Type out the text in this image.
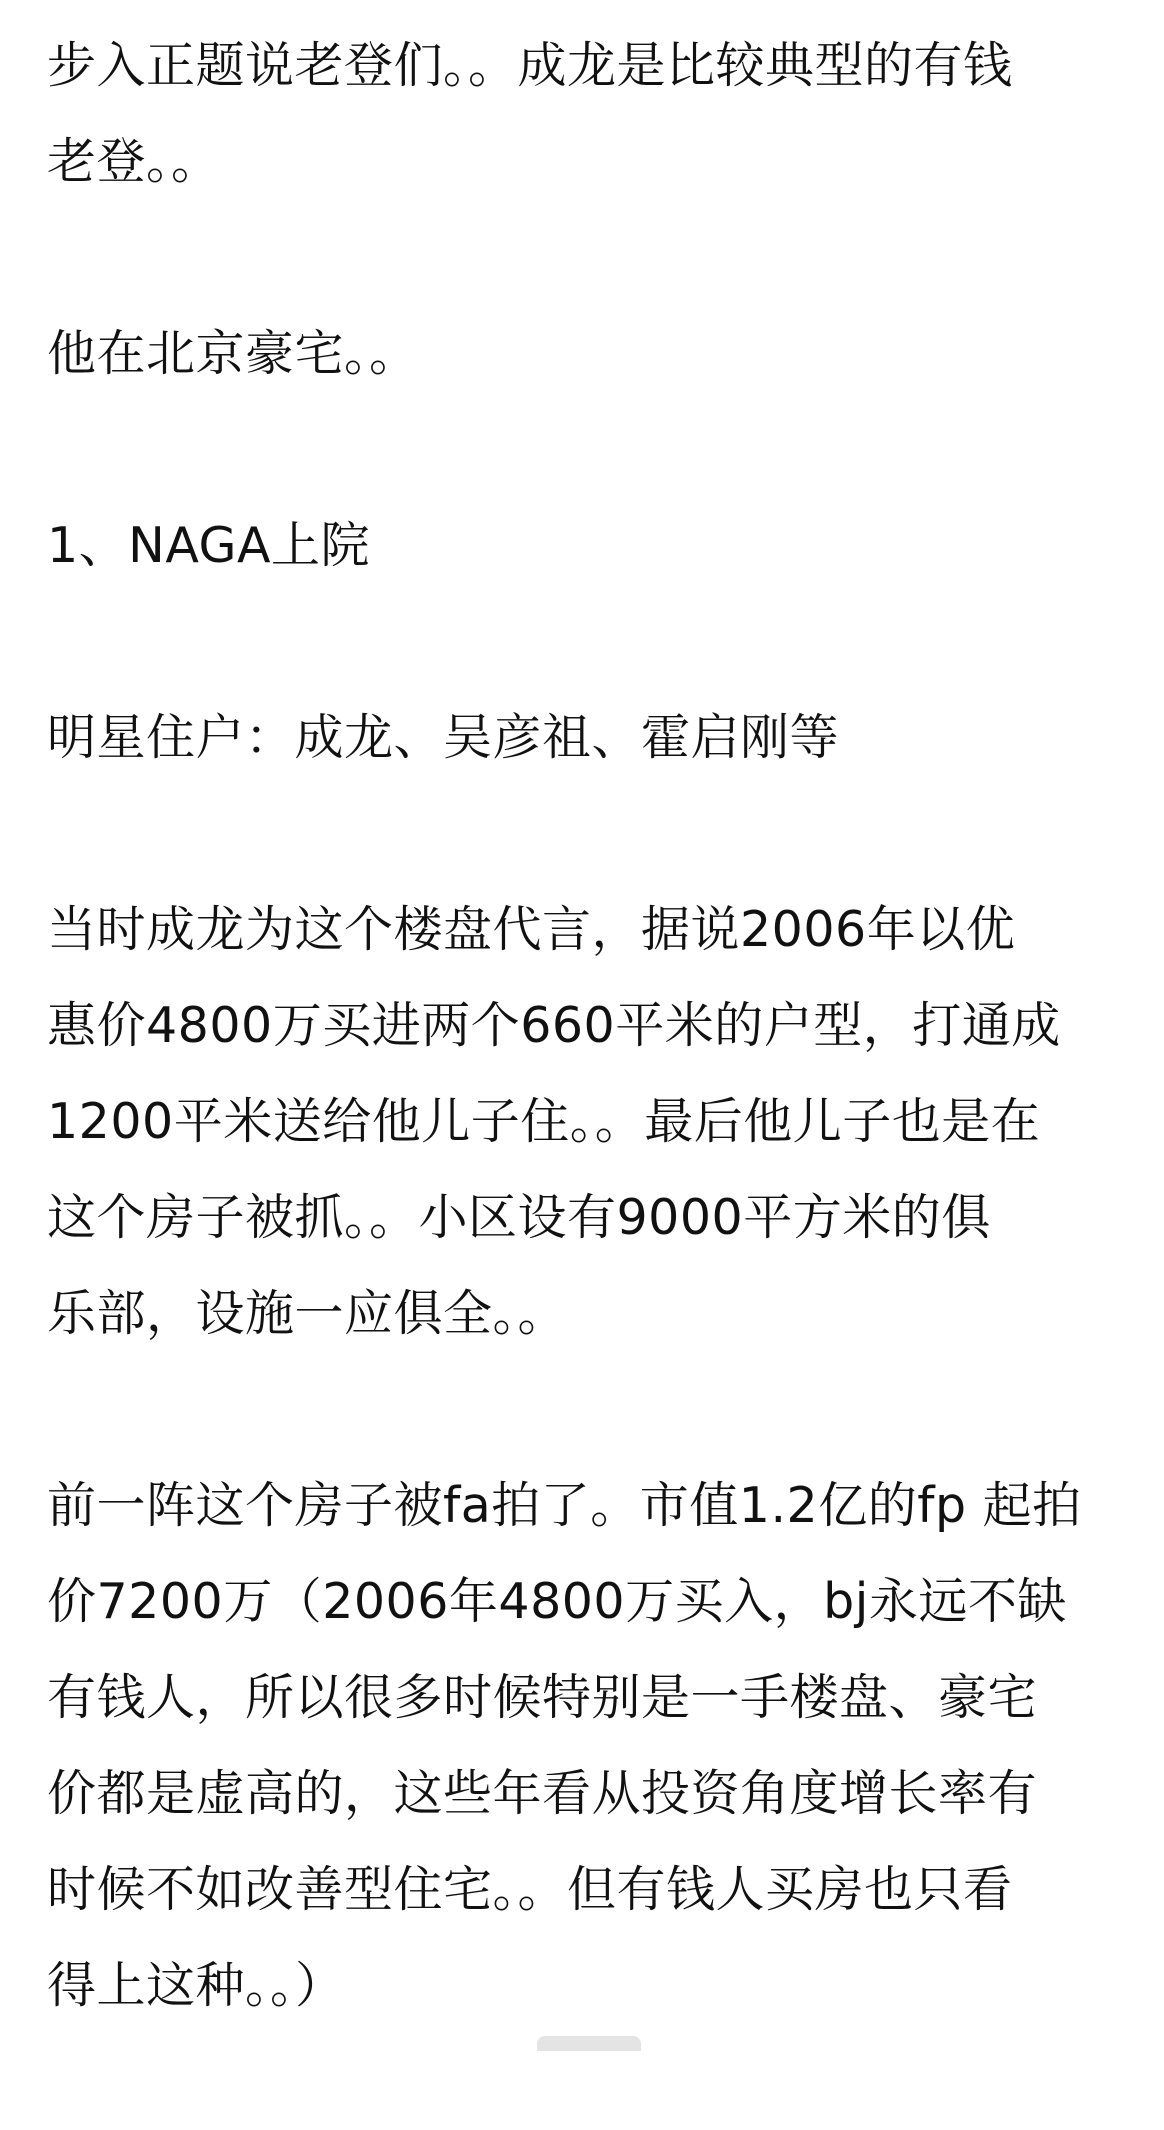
步入正题说老登们。。成龙是比较典型的有钱
老登。。
他在北京豪宅。。
1、NAGA上院
明星住户：成龙、吴彦祖、霍启刚等
当时成龙为这个楼盘代言，据说2006年以优
惠价4800万买进两个660平米的户型，打通成
1200平米送给他儿子住。。最后他儿子也是在
这个房子被抓。。小区设有9000平方米的俱
乐部，设施一应俱全。。
前一阵这个房子被fa拍了。市值1.2亿的fp 起拍
价7200万（2006年4800万买入，bj永远不缺
有钱人，所以很多时候特别是一手楼盘、豪宅
价都是虚高的，这些年看从投资角度增长率有
时候不如改善型住宅。。但有钱人买房也只看
得上这种。。）
